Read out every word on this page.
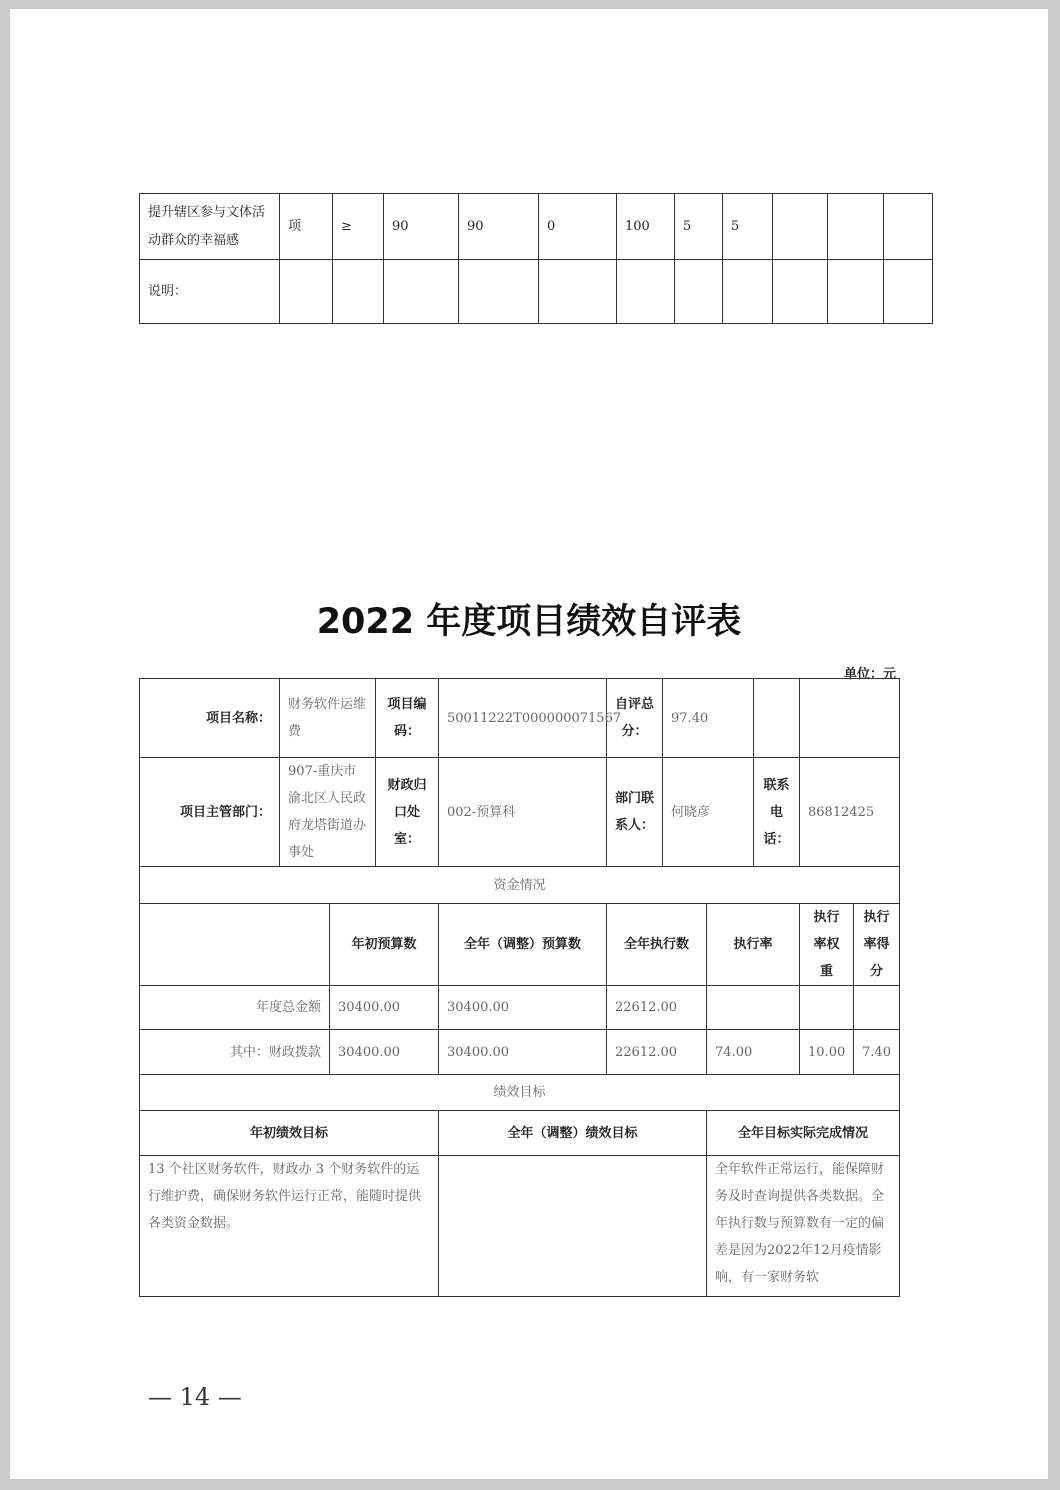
提升辖区参与文体活动群众的幸福感	项	≥	90	90	0	100	5	5			
说明：											
2022 年度项目绩效自评表
单位：元
项目名称：	财务软件运维费		项目编码：	50011222T000000071567	自评总分：	97.40				
项目主管部门：	907-重庆市渝北区人民政府龙塔街道办事处		财政归口处室：	002-预算科	部门联系人：	何晓彦		联系电话：	86812425	
资金情况										
		年初预算数		全年（调整）预算数	全年执行数		执行率		执行率权重	执行率得分
年度总金额		30400.00		30400.00	22612.00					
其中：财政拨款		30400.00		30400.00	22612.00		74.00		10.00	7.40
绩效目标										
年初绩效目标				全年（调整）绩效目标			全年目标实际完成情况			
13 个社区财务软件，财政办 3 个财务软件的运行维护费，确保财务软件运行正常，能随时提供各类资金数据。							全年软件正常运行，能保障财务及时查询提供各类数据。全年执行数与预算数有一定的偏差是因为2022年12月疫情影响，有一家财务软			
— 14 —
